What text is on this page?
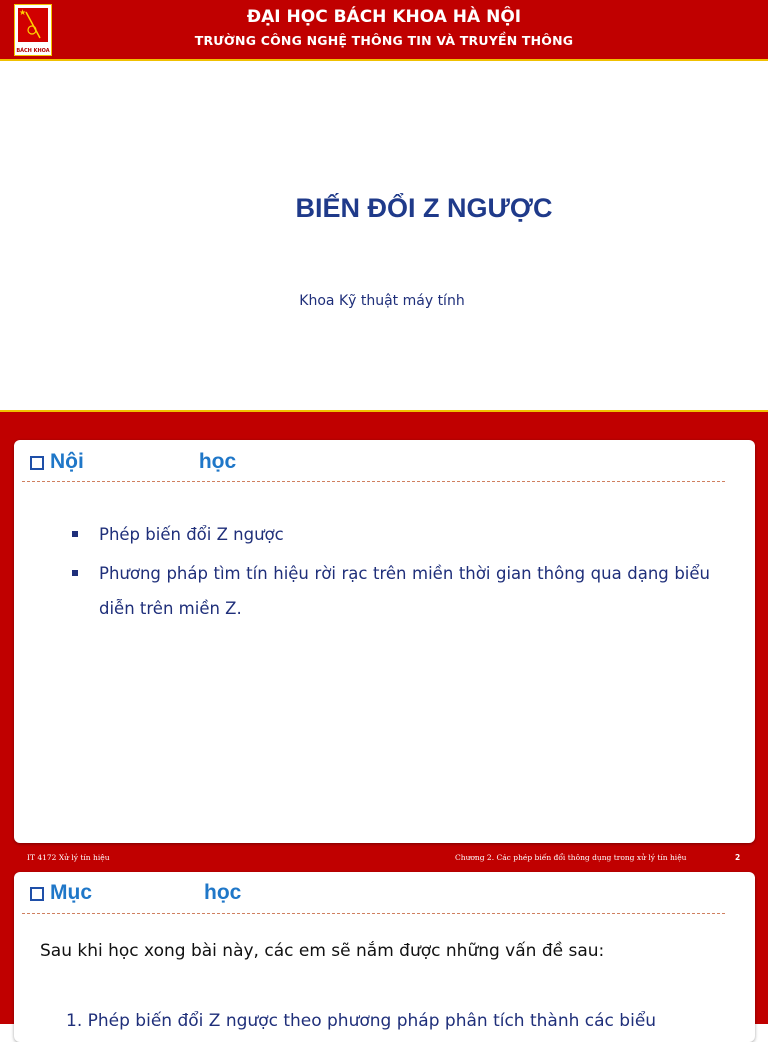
★
BÁCH KHOA
ĐẠI HỌC BÁCH KHOA HÀ NỘI
TRƯỜNG CÔNG NGHỆ THÔNG TIN VÀ TRUYỀN THÔNG
BIẾN ĐỔI Z NGƯỢC
Khoa Kỹ thuật máy tính
Nội	học
Phép biến đổi Z ngược
Phương pháp tìm tín hiệu rời rạc trên miền thời gian thông qua dạng biểu diễn trên miền Z.
IT 4172 Xử lý tín hiệu	Chương 2. Các phép biến đổi thông dụng trong xử lý tín hiệu	2
Mục	học
Sau khi học xong bài này, các em sẽ nắm được những vấn đề sau:
1. Phép biến đổi Z ngược theo phương pháp phân tích thành các biểu
